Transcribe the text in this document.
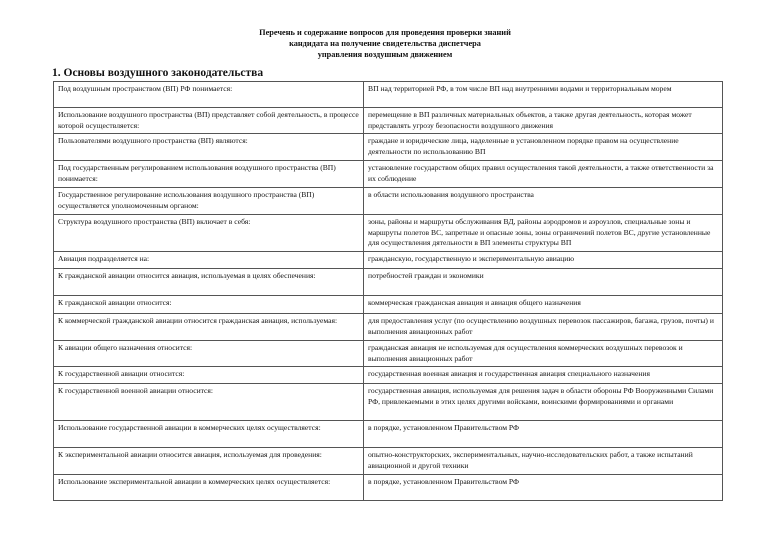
Перечень и содержание вопросов для проведения проверки знаний
кандидата на получение свидетельства диспетчера
управления воздушным движением
1. Основы воздушного законодательства
Под воздушным пространством (ВП) РФ понимается:	ВП над территорией РФ, в том числе ВП над внутренними водами и территориальным морем
Использование воздушного пространства (ВП) представляет собой деятельность, в процессе которой осуществляется:	перемещение в ВП различных материальных объектов, а также другая деятельность, которая может представлять угрозу безопасности воздушного движения
Пользователями воздушного пространства (ВП) являются:	граждане и юридические лица, наделенные в установленном порядке правом на осуществление деятельности по использованию ВП
Под государственным регулированием использования воздушного пространства (ВП) понимается:	установление государством общих правил осуществления такой деятельности, а также ответственности за их соблюдение
Государственное регулирование использования воздушного пространства (ВП) осуществляется уполномоченным органом:	в области использования воздушного пространства
Структура воздушного пространства (ВП) включает в себя:	зоны, районы и маршруты обслуживания ВД, районы аэродромов и аэроузлов, специальные зоны и маршруты полетов ВС, запретные и опасные зоны, зоны ограничений полетов ВС, другие установленные для осуществления дятельности в ВП элементы структуры ВП
Авиация подразделяется на:	гражданскую, государственную и экспериментальную авиацию
К гражданской авиации относится авиация, используемая в целях обеспечения:	потребностей граждан и экономики
К гражданской авиации относится:	коммерческая гражданская авиация и авиация общего назначения
К коммерческой гражданской авиации относится гражданская авиация, используемая:	для предоставления услуг (по осуществлению воздушных перевозок пассажиров, багажа, грузов, почты) и выполнения авиационных работ
К авиации общего назначения относится:	гражданская авиация не используемая для осуществления коммерческих воздушных перевозок и выполнения авиационных работ
К государственной авиации относится:	государственная военная авиация и государственная авиация специального назначения
К государственной военной авиации относится:	государственная авиация, используемая для решения задач в области обороны РФ Вооруженными Силами РФ, привлекаемыми в этих целях другими войсками, воинскими формированиями и органами
Использование государственной авиации в коммерческих целях осуществляется:	в порядке, установленном Правительством РФ
К экспериментальной авиации относится авиация, используемая для проведения:	опытно-конструкторских, экспериментальных, научно-исследовательских работ, а также испытаний авиационной и другой техники
Использование экспериментальной авиации в коммерческих целях осуществляется:	в порядке, установленном Правительством РФ
